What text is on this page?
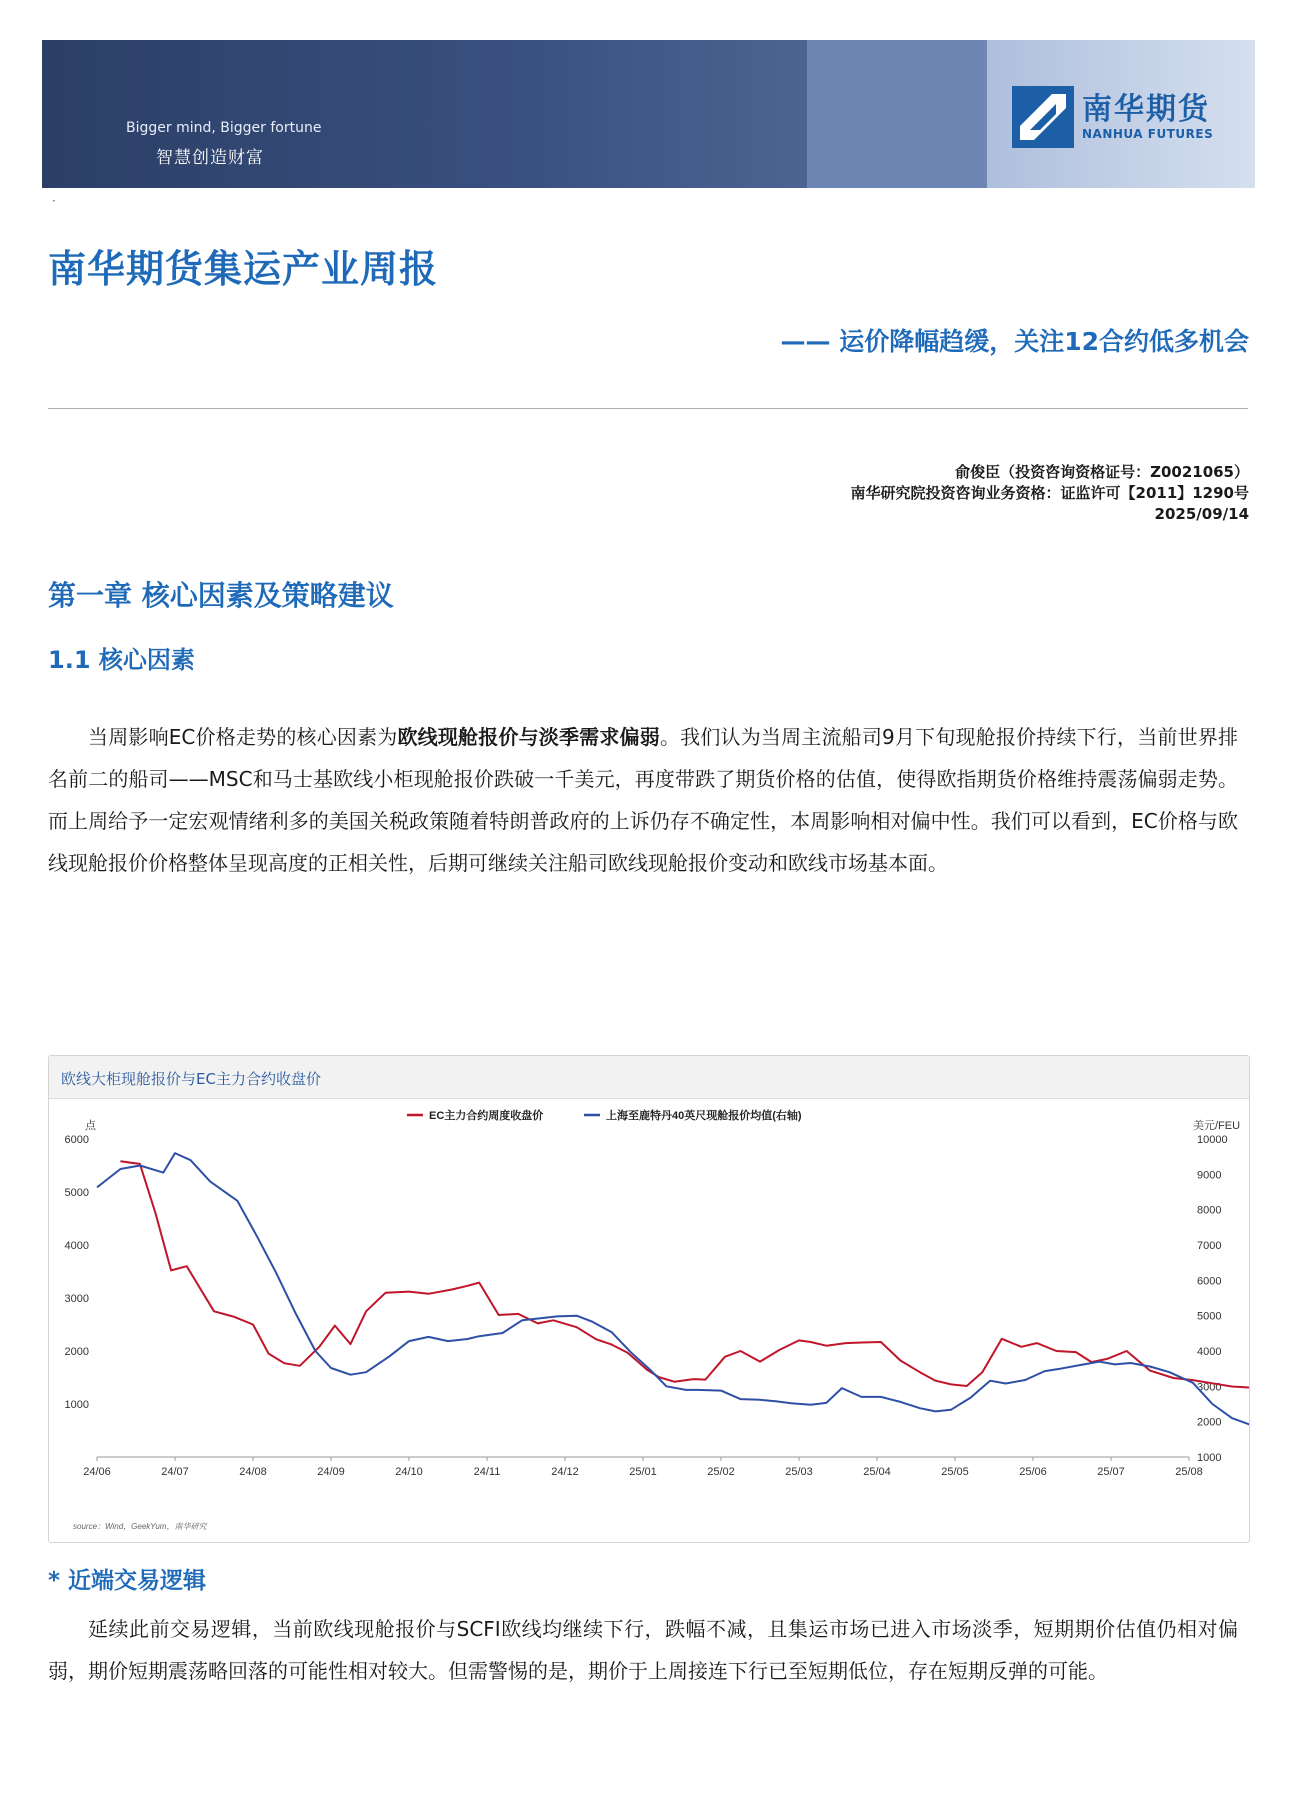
Bigger mind, Bigger fortune
智慧创造财富
南华期货
NANHUA FUTURES
·
南华期货集运产业周报
—— 运价降幅趋缓，关注12合约低多机会
俞俊臣（投资咨询资格证号：Z0021065）
南华研究院投资咨询业务资格：证监许可【2011】1290号
2025/09/14
第一章 核心因素及策略建议
1.1 核心因素
当周影响EC价格走势的核心因素为欧线现舱报价与淡季需求偏弱。我们认为当周主流船司9月下旬现舱报价持续下行，当前世界排名前二的船司——MSC和马士基欧线小柜现舱报价跌破一千美元，再度带跌了期货价格的估值，使得欧指期货价格维持震荡偏弱走势。而上周给予一定宏观情绪利多的美国关税政策随着特朗普政府的上诉仍存不确定性，本周影响相对偏中性。我们可以看到，EC价格与欧线现舱报价价格整体呈现高度的正相关性，后期可继续关注船司欧线现舱报价变动和欧线市场基本面。
欧线大柜现舱报价与EC主力合约收盘价
点	美元/FEU
1000
2000
3000
4000
5000
6000
1000
2000
3000
4000
5000
6000
7000
8000
9000
10000
24/06	24/07	24/08	24/09	24/10	24/11	24/12	25/01	25/02	25/03	25/04	25/05	25/06	25/07	25/08
EC主力合约周度收盘价	上海至鹿特丹40英尺现舱报价均值(右轴)
source：Wind，GeekYum，南华研究
* 近端交易逻辑
延续此前交易逻辑，当前欧线现舱报价与SCFI欧线均继续下行，跌幅不减，且集运市场已进入市场淡季，短期期价估值仍相对偏弱，期价短期震荡略回落的可能性相对较大。但需警惕的是，期价于上周接连下行已至短期低位，存在短期反弹的可能。
